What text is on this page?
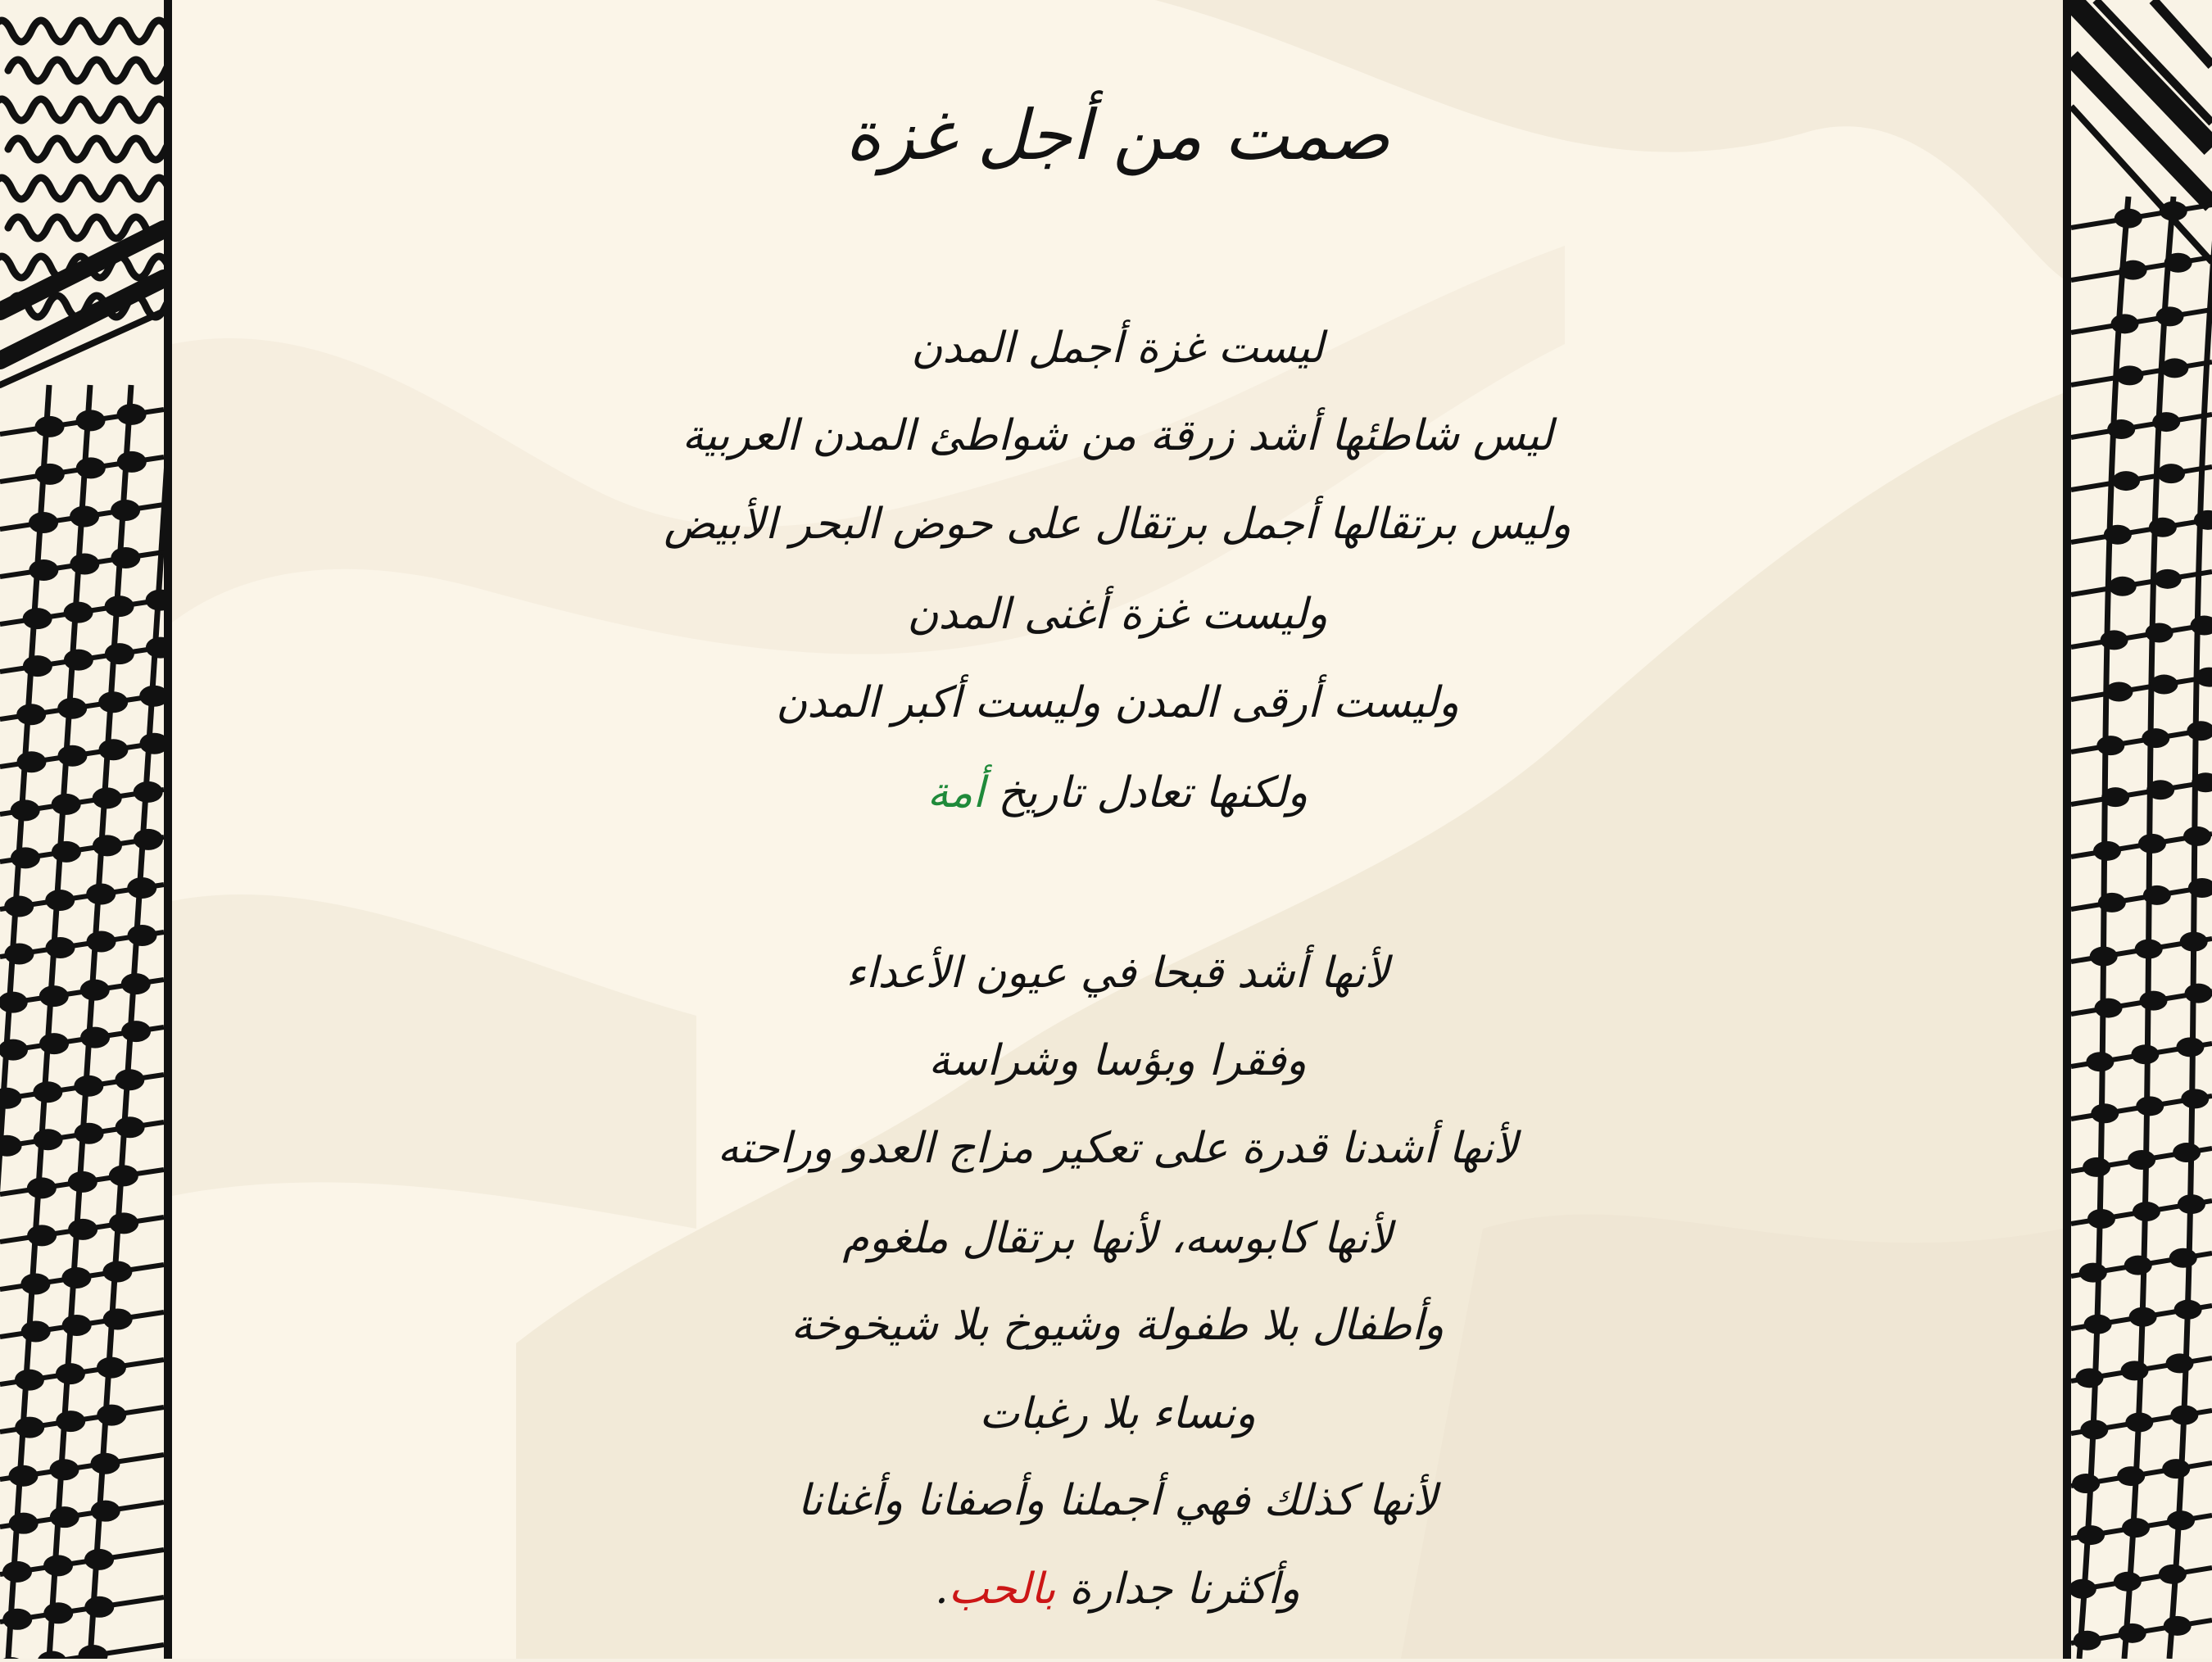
صمت من أجل غزة
ليست غزة أجمل المدن
ليس شاطئها أشد زرقة من شواطئ المدن العربية
وليس برتقالها أجمل برتقال على حوض البحر الأبيض
وليست غزة أغنى المدن
وليست أرقى المدن وليست أكبر المدن
ولكنها تعادل تاريخ أمة
لأنها أشد قبحا في عيون الأعداء
وفقرا وبؤسا وشراسة
لأنها أشدنا قدرة على تعكير مزاج العدو وراحته
لأنها كابوسه، لأنها برتقال ملغوم
وأطفال بلا طفولة وشيوخ بلا شيخوخة
ونساء بلا رغبات
لأنها كذلك فهي أجملنا وأصفانا وأغنانا
وأكثرنا جدارة بالحب.
